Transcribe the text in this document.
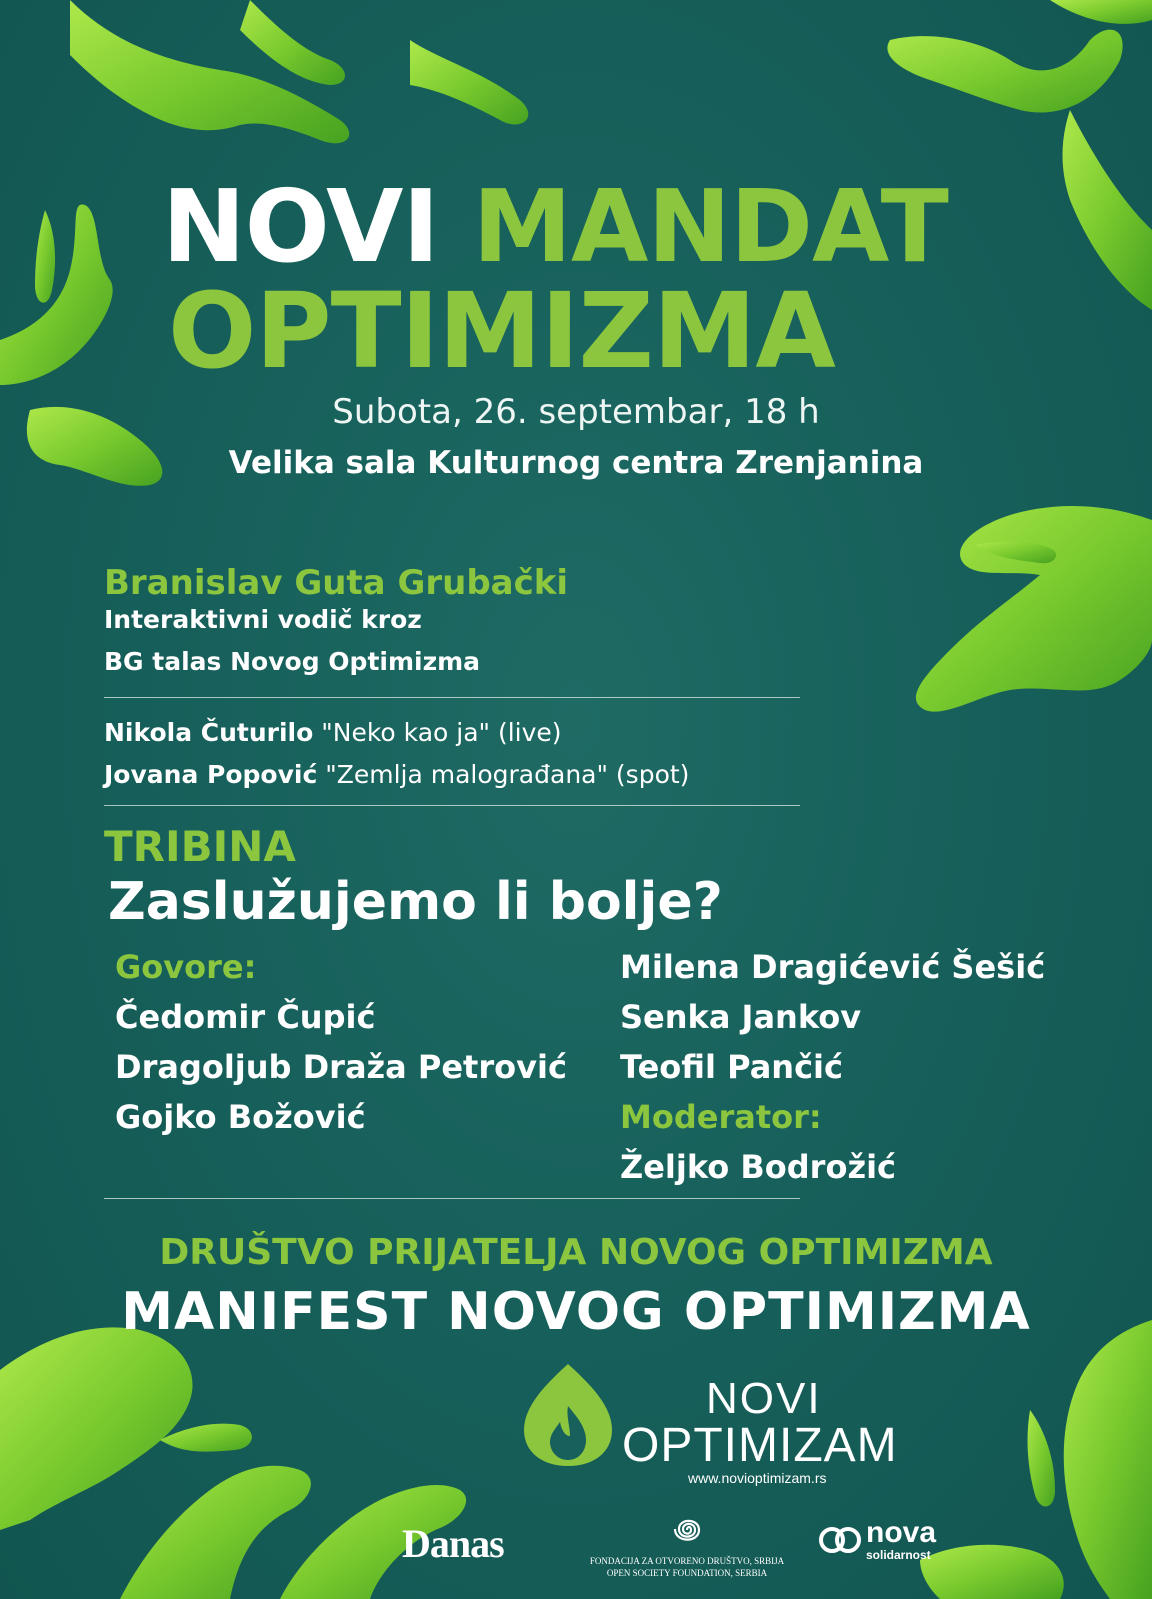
NOVI MANDAT
OPTIMIZMA
Subota, 26. septembar, 18 h
Velika sala Kulturnog centra Zrenjanina
Branislav Guta Grubački
Interaktivni vodič kroz
BG talas Novog Optimizma
Nikola Čuturilo "Neko kao ja" (live)
Jovana Popović "Zemlja malograđana" (spot)
TRIBINA
Zaslužujemo li bolje?
Govore:
Čedomir Čupić
Dragoljub Draža Petrović
Gojko Božović
Milena Dragićević Šešić
Senka Jankov
Teofil Pančić
Moderator:
Željko Bodrožić
DRUŠTVO PRIJATELJA NOVOG OPTIMIZMA
MANIFEST NOVOG OPTIMIZMA
NOVI
OPTIMIZAM
www.novioptimizam.rs
Danas	FONDACIJA ZA OTVORENO DRUŠTVO, SRBIJA
OPEN SOCIETY FOUNDATION, SERBIA
nova
solidarnost
